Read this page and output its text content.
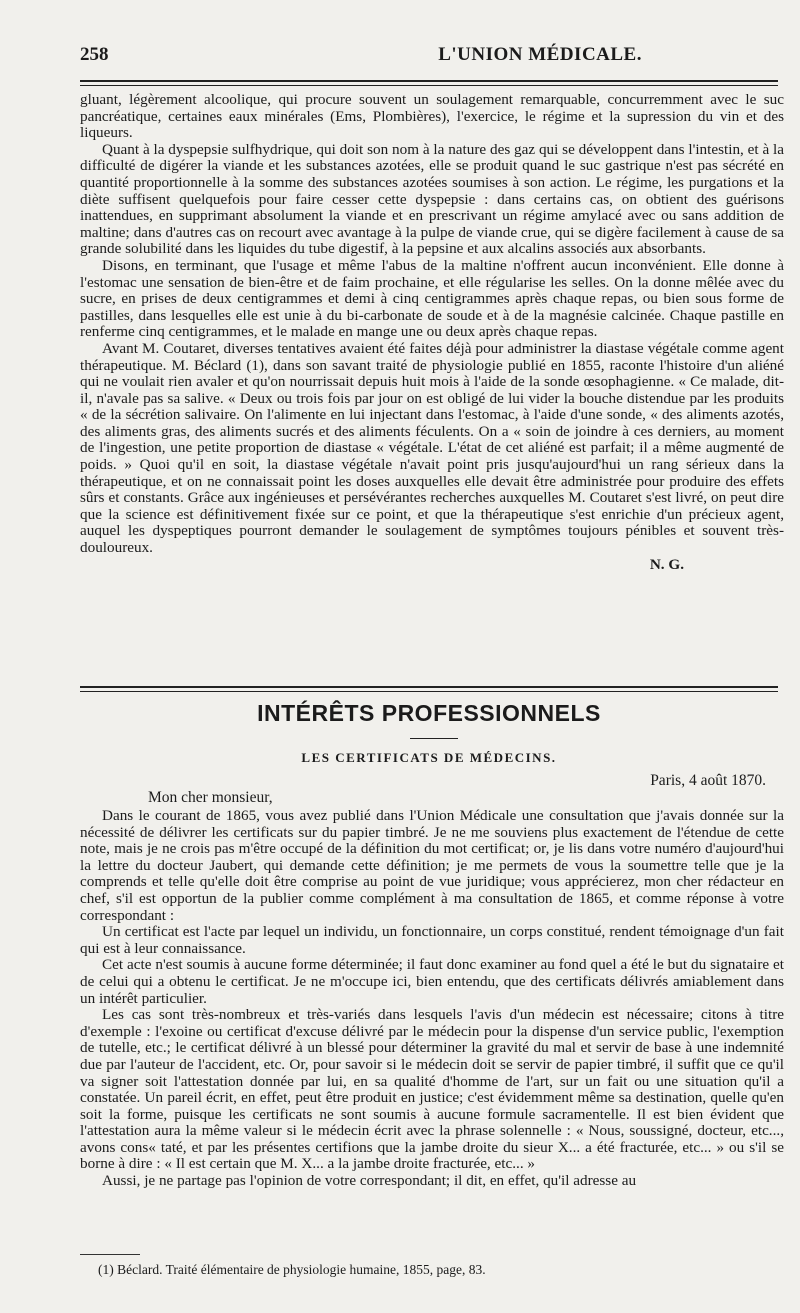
258	L'UNION MÉDICALE.

gluant, légèrement alcoolique, qui procure souvent un soulagement remarquable, concurremment avec le suc pancréatique, certaines eaux minérales (Ems, Plombières), l'exercice, le régime et la supression du vin et des liqueurs.

Quant à la dyspepsie sulfhydrique, qui doit son nom à la nature des gaz qui se développent dans l'intestin, et à la difficulté de digérer la viande et les substances azotées, elle se produit quand le suc gastrique n'est pas sécrété en quantité proportionnelle à la somme des substances azotées soumises à son action. Le régime, les purgations et la diète suffisent quelquefois pour faire cesser cette dyspepsie : dans certains cas, on obtient des guérisons inattendues, en supprimant absolument la viande et en prescrivant un régime amylacé avec ou sans addition de maltine; dans d'autres cas on recourt avec avantage à la pulpe de viande crue, qui se digère facilement à cause de sa grande solubilité dans les liquides du tube digestif, à la pepsine et aux alcalins associés aux absorbants.

Disons, en terminant, que l'usage et même l'abus de la maltine n'offrent aucun inconvénient. Elle donne à l'estomac une sensation de bien-être et de faim prochaine, et elle régularise les selles. On la donne mêlée avec du sucre, en prises de deux centigrammes et demi à cinq centigrammes après chaque repas, ou bien sous forme de pastilles, dans lesquelles elle est unie à du bi-carbonate de soude et à de la magnésie calcinée. Chaque pastille en renferme cinq centigrammes, et le malade en mange une ou deux après chaque repas.

Avant M. Coutaret, diverses tentatives avaient été faites déjà pour administrer la diastase végétale comme agent thérapeutique. M. Béclard (1), dans son savant traité de physiologie publié en 1855, raconte l'histoire d'un aliéné qui ne voulait rien avaler et qu'on nourrissait depuis huit mois à l'aide de la sonde œsophagienne. « Ce malade, dit-il, n'avale pas sa salive. « Deux ou trois fois par jour on est obligé de lui vider la bouche distendue par les produits « de la sécrétion salivaire. On l'alimente en lui injectant dans l'estomac, à l'aide d'une sonde, « des aliments azotés, des aliments gras, des aliments sucrés et des aliments féculents. On a « soin de joindre à ces derniers, au moment de l'ingestion, une petite proportion de diastase « végétale. L'état de cet aliéné est parfait; il a même augmenté de poids. » Quoi qu'il en soit, la diastase végétale n'avait point pris jusqu'aujourd'hui un rang sérieux dans la thérapeutique, et on ne connaissait point les doses auxquelles elle devait être administrée pour produire des effets sûrs et constants. Grâce aux ingénieuses et persévérantes recherches auxquelles M. Coutaret s'est livré, on peut dire que la science est définitivement fixée sur ce point, et que la thérapeutique s'est enrichie d'un précieux agent, auquel les dyspeptiques pourront demander le soulagement de symptômes toujours pénibles et souvent très-douloureux.

N. G.

INTÉRÊTS PROFESSIONNELS
LES CERTIFICATS DE MÉDECINS.
Paris, 4 août 1870.
Mon cher monsieur,

Dans le courant de 1865, vous avez publié dans l'Union Médicale une consultation que j'avais donnée sur la nécessité de délivrer les certificats sur du papier timbré. Je ne me souviens plus exactement de l'étendue de cette note, mais je ne crois pas m'être occupé de la définition du mot certificat; or, je lis dans votre numéro d'aujourd'hui la lettre du docteur Jaubert, qui demande cette définition; je me permets de vous la soumettre telle que je la comprends et telle qu'elle doit être comprise au point de vue juridique; vous apprécierez, mon cher rédacteur en chef, s'il est opportun de la publier comme complément à ma consultation de 1865, et comme réponse à votre correspondant :

Un certificat est l'acte par lequel un individu, un fonctionnaire, un corps constitué, rendent témoignage d'un fait qui est à leur connaissance.

Cet acte n'est soumis à aucune forme déterminée; il faut donc examiner au fond quel a été le but du signataire et de celui qui a obtenu le certificat. Je ne m'occupe ici, bien entendu, que des certificats délivrés amiablement dans un intérêt particulier.

Les cas sont très-nombreux et très-variés dans lesquels l'avis d'un médecin est nécessaire; citons à titre d'exemple : l'exoine ou certificat d'excuse délivré par le médecin pour la dispense d'un service public, l'exemption de tutelle, etc.; le certificat délivré à un blessé pour déterminer la gravité du mal et servir de base à une indemnité due par l'auteur de l'accident, etc. Or, pour savoir si le médecin doit se servir de papier timbré, il suffit que ce qu'il va signer soit l'attestation donnée par lui, en sa qualité d'homme de l'art, sur un fait ou une situation qu'il a constatée. Un pareil écrit, en effet, peut être produit en justice; c'est évidemment même sa destination, quelle qu'en soit la forme, puisque les certificats ne sont soumis à aucune formule sacramentelle. Il est bien évident que l'attestation aura la même valeur si le médecin écrit avec la phrase solennelle : « Nous, soussigné, docteur, etc..., avons cons« taté, et par les présentes certifions que la jambe droite du sieur X... a été fracturée, etc... » ou s'il se borne à dire : « Il est certain que M. X... a la jambe droite fracturée, etc... »

Aussi, je ne partage pas l'opinion de votre correspondant; il dit, en effet, qu'il adresse au

(1) Béclard. Traité élémentaire de physiologie humaine, 1855, page, 83.
